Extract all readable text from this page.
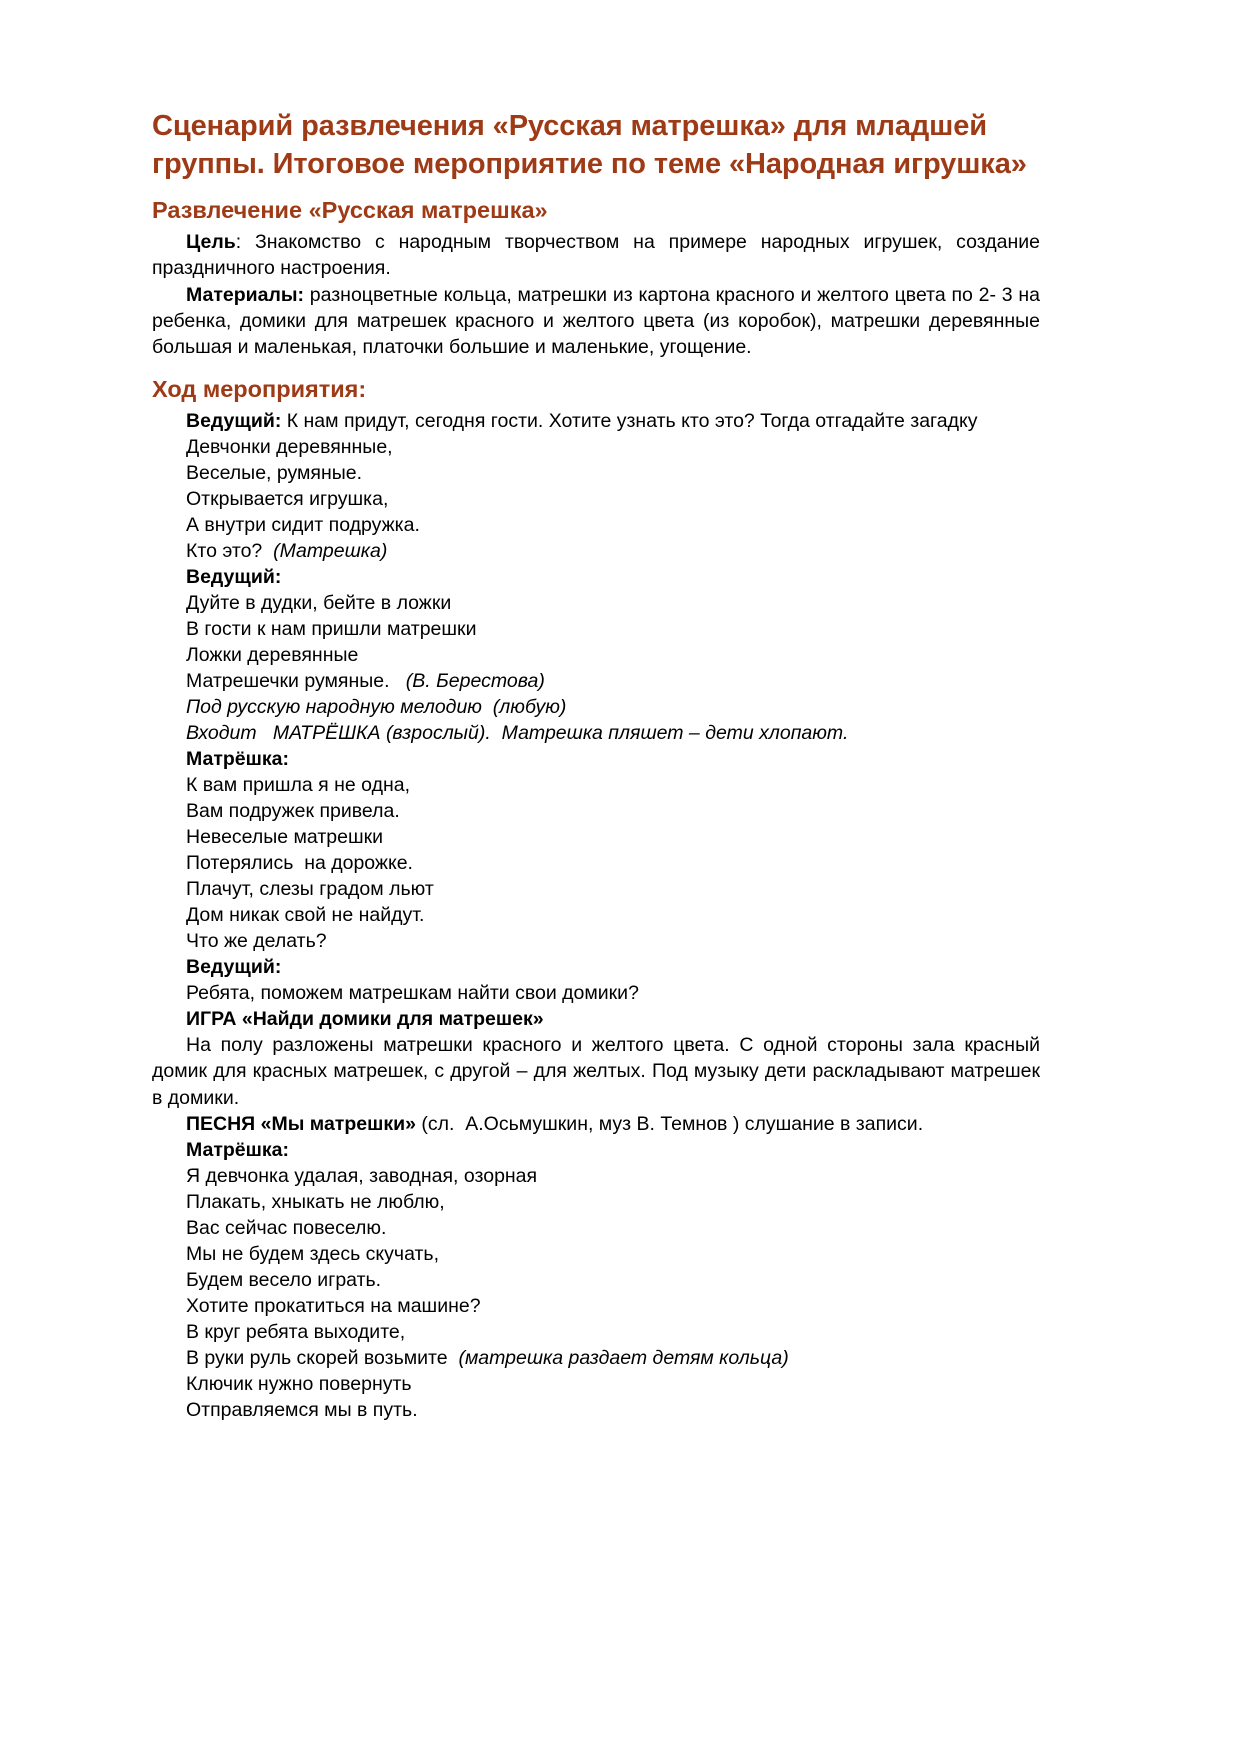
Сценарий развлечения «Русская матрешка» для младшей группы. Итоговое мероприятие по теме «Народная игрушка»
Развлечение «Русская матрешка»

Цель: Знакомство с народным творчеством на примере народных игрушек, создание праздничного настроения.

Материалы: разноцветные кольца, матрешки из картона красного и желтого цвета по 2- 3 на ребенка, домики для матрешек красного и желтого цвета (из коробок), матрешки деревянные большая и маленькая, платочки большие и маленькие, угощение.

Ход мероприятия:

Ведущий: К нам придут, сегодня гости. Хотите узнать кто это? Тогда отгадайте загадку

Девчонки деревянные,
Веселые, румяные.
Открывается игрушка,
А внутри сидит подружка.
Кто это?  (Матрешка)
Ведущий:
Дуйте в дудки, бейте в ложки
В гости к нам пришли матрешки
Ложки деревянные
Матрешечки румяные.   (В. Берестова)
Под русскую народную мелодию  (любую)
Входит   МАТРЁШКА (взрослый).  Матрешка пляшет – дети хлопают.
Матрёшка:
К вам пришла я не одна,
Вам подружек привела.
Невеселые матрешки
Потерялись  на дорожке.
Плачут, слезы градом льют
Дом никак свой не найдут.
Что же делать?
Ведущий:
Ребята, поможем матрешкам найти свои домики?
ИГРА «Найди домики для матрешек»

На полу разложены матрешки красного и желтого цвета. С одной стороны зала красный домик для красных матрешек, с другой – для желтых. Под музыку дети раскладывают матрешек в домики.

ПЕСНЯ «Мы матрешки» (сл.  А.Осьмушкин, муз В. Темнов ) слушание в записи.
Матрёшка:
Я девчонка удалая, заводная, озорная
Плакать, хныкать не люблю,
Вас сейчас повеселю.
Мы не будем здесь скучать,
Будем весело играть.
Хотите прокатиться на машине?
В круг ребята выходите,
В руки руль скорей возьмите  (матрешка раздает детям кольца)
Ключик нужно повернуть
Отправляемся мы в путь.
